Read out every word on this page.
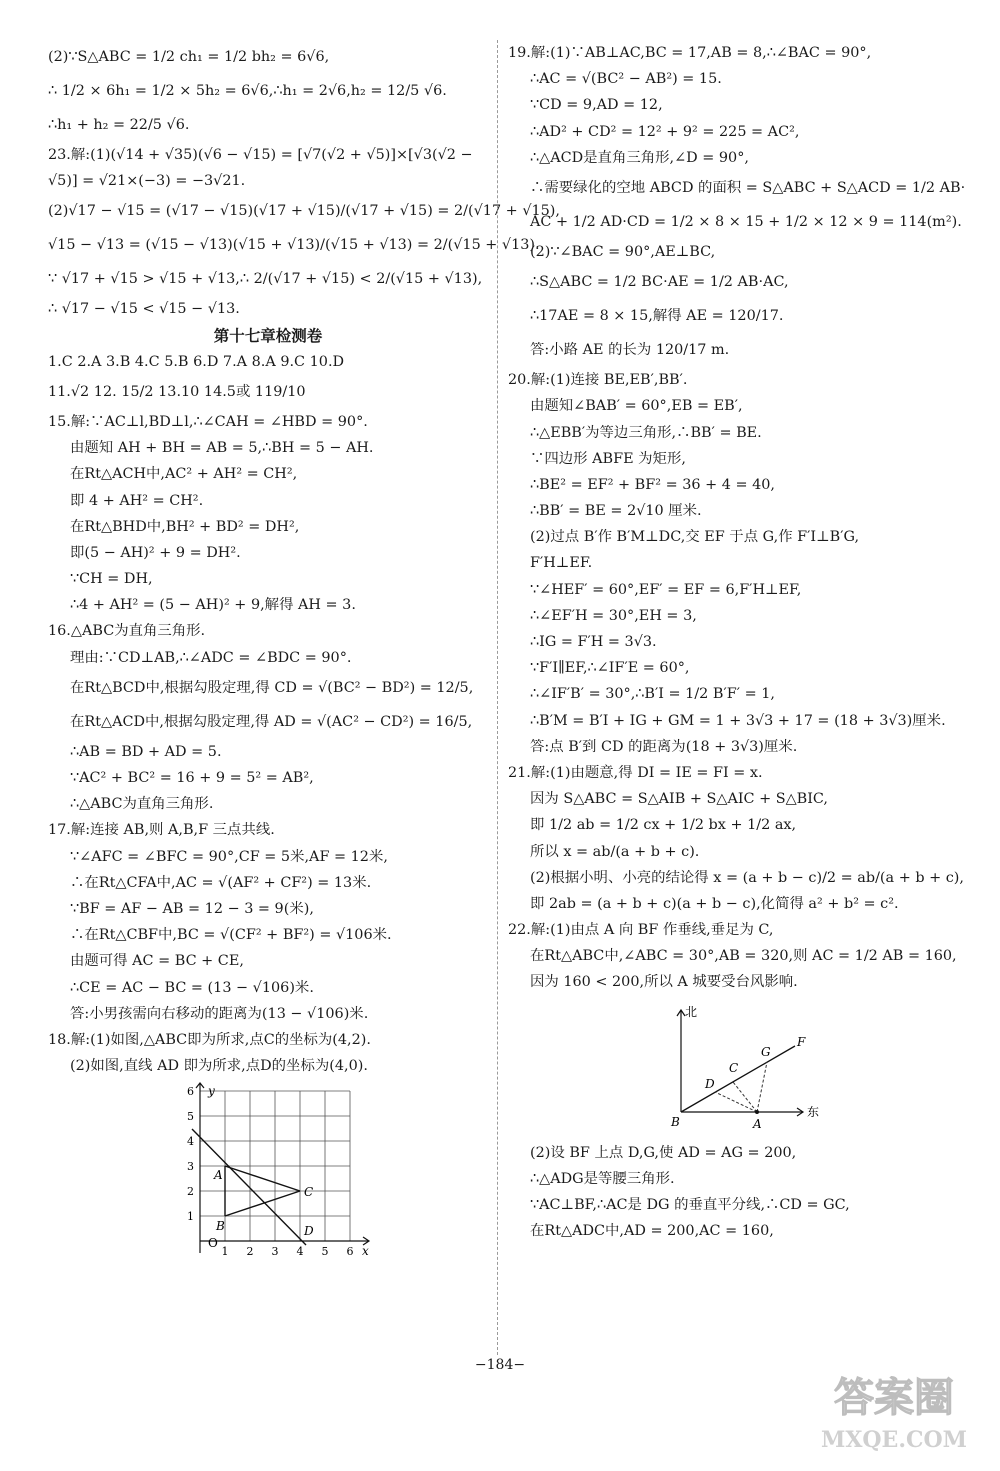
(2)∵S△ABC = 1/2 ch₁ = 1/2 bh₂ = 6√6,
∴ 1/2 × 6h₁ = 1/2 × 5h₂ = 6√6,∴h₁ = 2√6,h₂ = 12/5 √6.
∴h₁ + h₂ = 22/5 √6.
23.解:(1)(√14 + √35)(√6 − √15) = [√7(√2 + √5)]×[√3(√2 −
√5)] = √21×(−3) = −3√21.
(2)√17 − √15 = (√17 − √15)(√17 + √15)/(√17 + √15) = 2/(√17 + √15),
√15 − √13 = (√15 − √13)(√15 + √13)/(√15 + √13) = 2/(√15 + √13).
∵ √17 + √15 > √15 + √13,∴ 2/(√17 + √15) < 2/(√15 + √13),
∴ √17 − √15 < √15 − √13.
第十七章检测卷
1.C 2.A 3.B 4.C 5.B 6.D 7.A 8.A 9.C 10.D
11.√2 12. 15/2 13.10 14.5或 119/10
15.解:∵AC⊥l,BD⊥l,∴∠CAH = ∠HBD = 90°.
由题知 AH + BH = AB = 5,∴BH = 5 − AH.
在Rt△ACH中,AC² + AH² = CH²,
即 4 + AH² = CH².
在Rt△BHD中,BH² + BD² = DH²,
即(5 − AH)² + 9 = DH².
∵CH = DH,
∴4 + AH² = (5 − AH)² + 9,解得 AH = 3.
16.△ABC为直角三角形.
理由:∵CD⊥AB,∴∠ADC = ∠BDC = 90°.
在Rt△BCD中,根据勾股定理,得 CD = √(BC² − BD²) = 12/5,
在Rt△ACD中,根据勾股定理,得 AD = √(AC² − CD²) = 16/5,
∴AB = BD + AD = 5.
∵AC² + BC² = 16 + 9 = 5² = AB²,
∴△ABC为直角三角形.
17.解:连接 AB,则 A,B,F 三点共线.
∵∠AFC = ∠BFC = 90°,CF = 5米,AF = 12米,
∴在Rt△CFA中,AC = √(AF² + CF²) = 13米.
∵BF = AF − AB = 12 − 3 = 9(米),
∴在Rt△CBF中,BC = √(CF² + BF²) = √106米.
由题可得 AC = BC + CE,
∴CE = AC − BC = (13 − √106)米.
答:小男孩需向右移动的距离为(13 − √106)米.
18.解:(1)如图,△ABC即为所求,点C的坐标为(4,2).
(2)如图,直线 AD 即为所求,点D的坐标为(4,0).
O
x
y
1 2 3 4 5 6
1
2
3
4
5
6
A
B
C
D
19.解:(1)∵AB⊥AC,BC = 17,AB = 8,∴∠BAC = 90°,
∴AC = √(BC² − AB²) = 15.
∵CD = 9,AD = 12,
∴AD² + CD² = 12² + 9² = 225 = AC²,
∴△ACD是直角三角形,∠D = 90°,
∴需要绿化的空地 ABCD 的面积 = S△ABC + S△ACD = 1/2 AB·
AC + 1/2 AD·CD = 1/2 × 8 × 15 + 1/2 × 12 × 9 = 114(m²).
(2)∵∠BAC = 90°,AE⊥BC,
∴S△ABC = 1/2 BC·AE = 1/2 AB·AC,
∴17AE = 8 × 15,解得 AE = 120/17.
答:小路 AE 的长为 120/17 m.
20.解:(1)连接 BE,EB′,BB′.
由题知∠BAB′ = 60°,EB = EB′,
∴△EBB′为等边三角形,∴BB′ = BE.
∵四边形 ABFE 为矩形,
∴BE² = EF² + BF² = 36 + 4 = 40,
∴BB′ = BE = 2√10 厘米.
(2)过点 B′作 B′M⊥DC,交 EF 于点 G,作 F′I⊥B′G,
F′H⊥EF.
∵∠HEF′ = 60°,EF′ = EF = 6,F′H⊥EF,
∴∠EF′H = 30°,EH = 3,
∴IG = F′H = 3√3.
∵F′I∥EF,∴∠IF′E = 60°,
∴∠IF′B′ = 30°,∴B′I = 1/2 B′F′ = 1,
∴B′M = B′I + IG + GM = 1 + 3√3 + 17 = (18 + 3√3)厘米.
答:点 B′到 CD 的距离为(18 + 3√3)厘米.
21.解:(1)由题意,得 DI = IE = FI = x.
因为 S△ABC = S△AIB + S△AIC + S△BIC,
即 1/2 ab = 1/2 cx + 1/2 bx + 1/2 ax,
所以 x = ab/(a + b + c).
(2)根据小明、小亮的结论得 x = (a + b − c)/2 = ab/(a + b + c),
即 2ab = (a + b + c)(a + b − c),化简得 a² + b² = c².
22.解:(1)由点 A 向 BF 作垂线,垂足为 C,
在Rt△ABC中,∠ABC = 30°,AB = 320,则 AC = 1/2 AB = 160,
因为 160 < 200,所以 A 城要受台风影响.
北
东
B	A
D
C
G
F
(2)设 BF 上点 D,G,使 AD = AG = 200,
∴△ADG是等腰三角形.
∵AC⊥BF,∴AC是 DG 的垂直平分线,∴CD = GC,
在Rt△ADC中,AD = 200,AC = 160,
−184−
答案圈
MXQE.COM
